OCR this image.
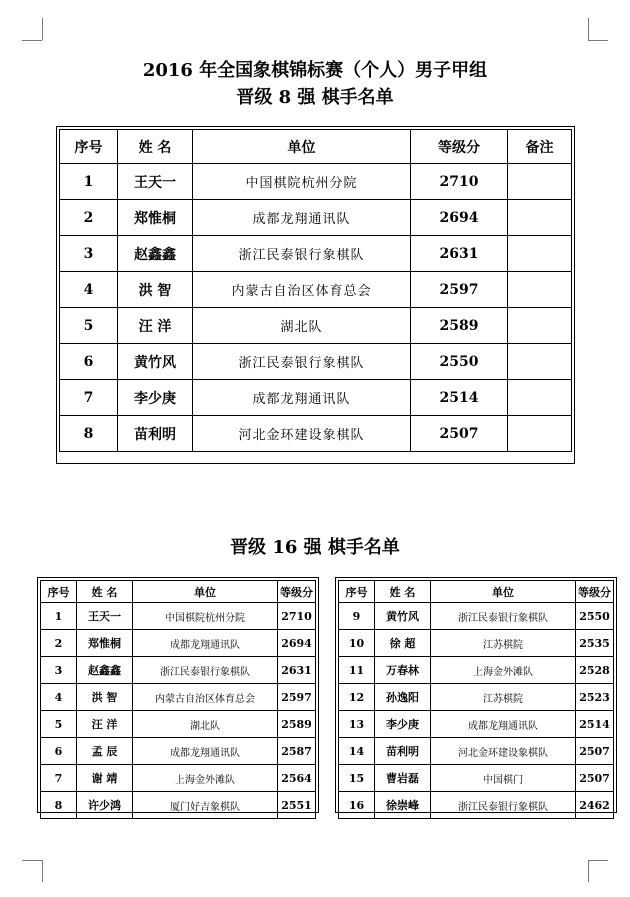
2016 年全国象棋锦标赛（个人）男子甲组
晋级 8 强 棋手名单
序号	姓 名	单位	等级分	备注
1	王天一	中国棋院杭州分院	2710	
2	郑惟桐	成都龙翔通讯队	2694	
3	赵鑫鑫	浙江民泰银行象棋队	2631	
4	洪 智	内蒙古自治区体育总会	2597	
5	汪 洋	湖北队	2589	
6	黄竹风	浙江民泰银行象棋队	2550	
7	李少庚	成都龙翔通讯队	2514	
8	苗利明	河北金环建设象棋队	2507	
晋级 16 强 棋手名单
序号	姓 名	单位	等级分
1	王天一	中国棋院杭州分院	2710
2	郑惟桐	成都龙翔通讯队	2694
3	赵鑫鑫	浙江民泰银行象棋队	2631
4	洪 智	内蒙古自治区体育总会	2597
5	汪 洋	湖北队	2589
6	孟 辰	成都龙翔通讯队	2587
7	谢 靖	上海金外滩队	2564
8	许少鸿	厦门好吉象棋队	2551
序号	姓 名	单位	等级分
9	黄竹风	浙江民泰银行象棋队	2550
10	徐 超	江苏棋院	2535
11	万春林	上海金外滩队	2528
12	孙逸阳	江苏棋院	2523
13	李少庚	成都龙翔通讯队	2514
14	苗利明	河北金环建设象棋队	2507
15	曹岩磊	中国棋门	2507
16	徐崇峰	浙江民泰银行象棋队	2462
